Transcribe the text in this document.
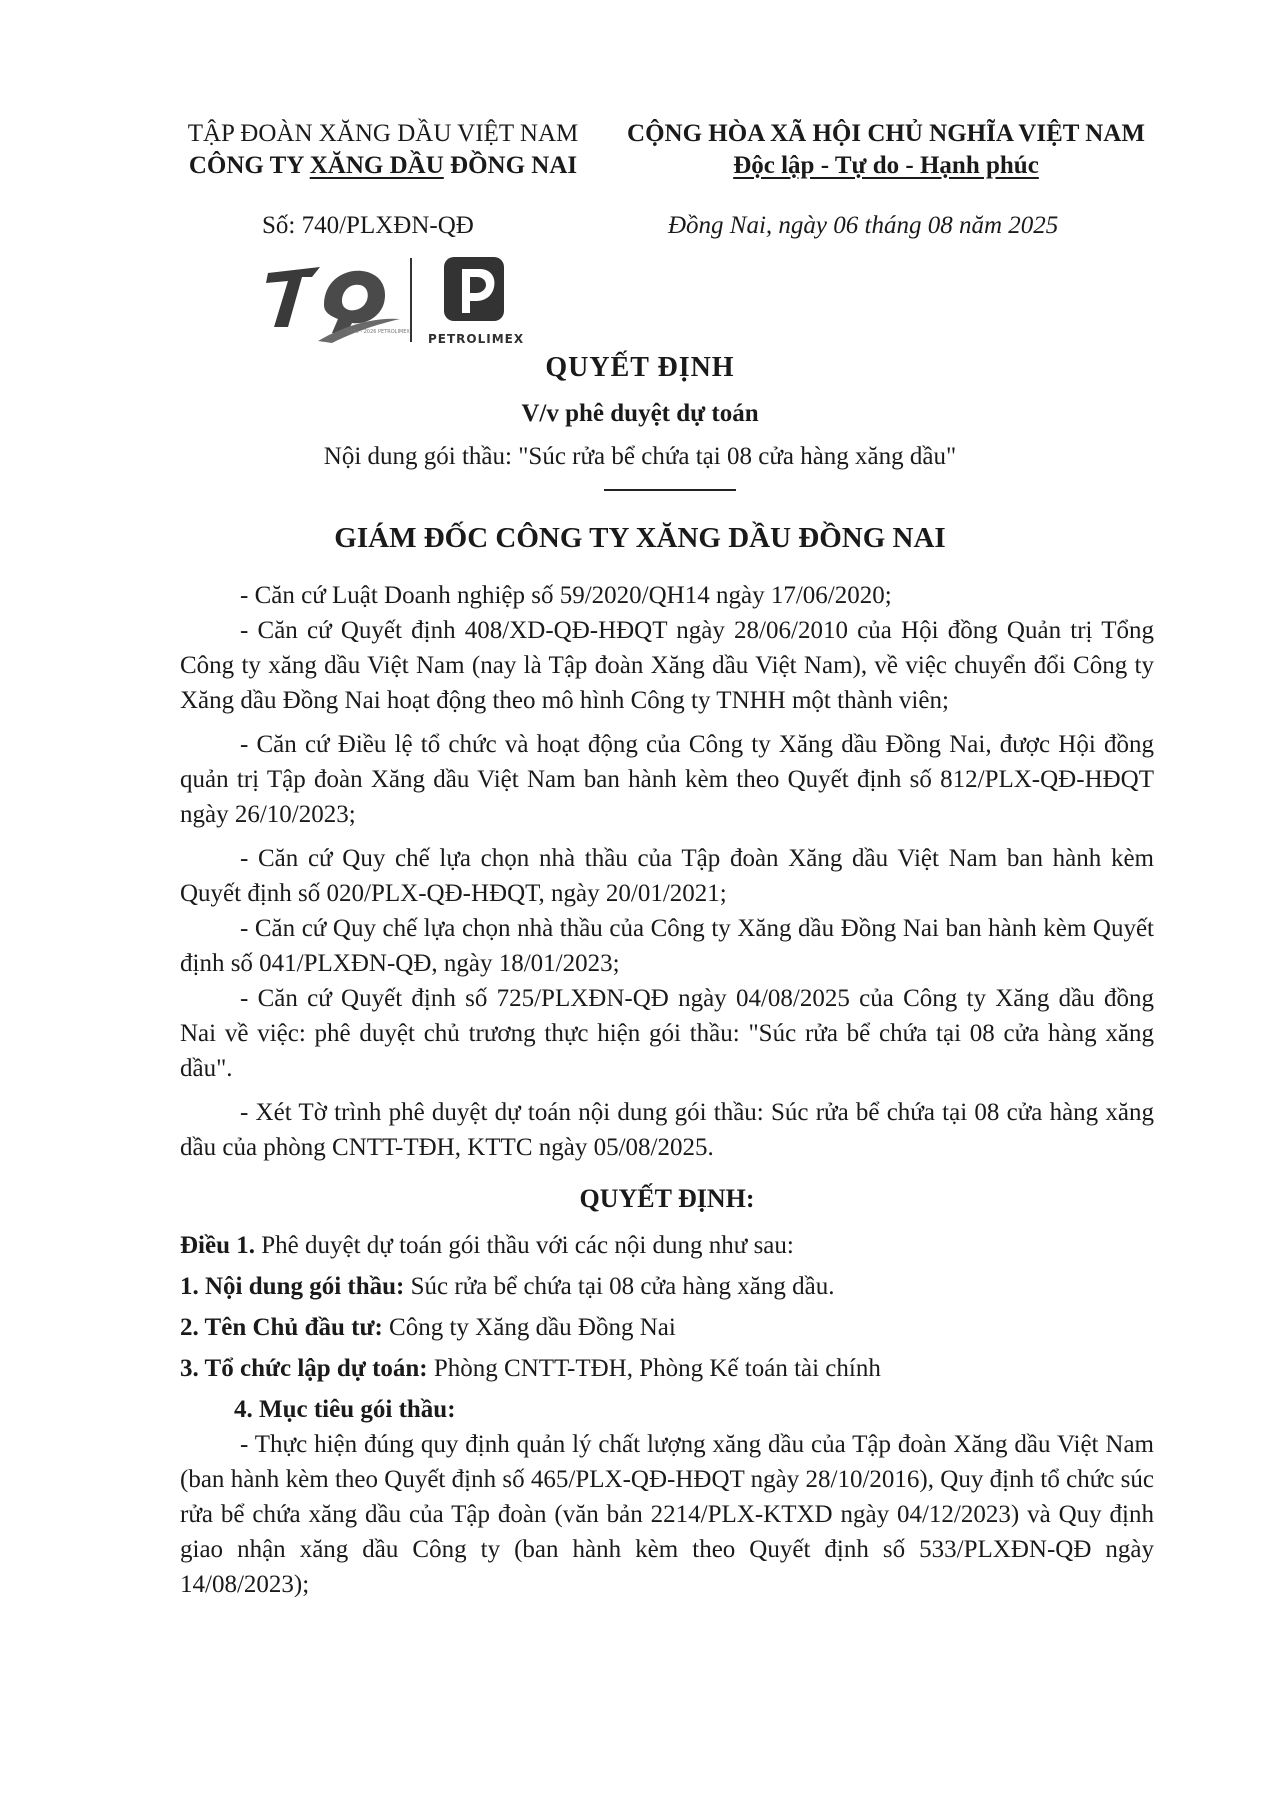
TẬP ĐOÀN XĂNG DẦU VIỆT NAM
CÔNG TY XĂNG DẦU ĐỒNG NAI
CỘNG HÒA XÃ HỘI CHỦ NGHĨA VIỆT NAM
Độc lập - Tự do - Hạnh phúc
Số: 740/PLXĐN-QĐ	Đồng Nai, ngày 06 tháng 08 năm 2025
1956 - 2026 PETROLIMEX PETROLIMEX
QUYẾT ĐỊNH
V/v phê duyệt dự toán
Nội dung gói thầu: "Súc rửa bể chứa tại 08 cửa hàng xăng dầu"
GIÁM ĐỐC CÔNG TY XĂNG DẦU ĐỒNG NAI

- Căn cứ Luật Doanh nghiệp số 59/2020/QH14 ngày 17/06/2020;

- Căn cứ Quyết định 408/XD-QĐ-HĐQT ngày 28/06/2010 của Hội đồng Quản trị Tổng Công ty xăng dầu Việt Nam (nay là Tập đoàn Xăng dầu Việt Nam), về việc chuyển đổi Công ty Xăng dầu Đồng Nai hoạt động theo mô hình Công ty TNHH một thành viên;

- Căn cứ Điều lệ tổ chức và hoạt động của Công ty Xăng dầu Đồng Nai, được Hội đồng quản trị Tập đoàn Xăng dầu Việt Nam ban hành kèm theo Quyết định số 812/PLX-QĐ-HĐQT ngày 26/10/2023;

- Căn cứ Quy chế lựa chọn nhà thầu của Tập đoàn Xăng dầu Việt Nam ban hành kèm Quyết định số 020/PLX-QĐ-HĐQT, ngày 20/01/2021;

- Căn cứ Quy chế lựa chọn nhà thầu của Công ty Xăng dầu Đồng Nai ban hành kèm Quyết định số 041/PLXĐN-QĐ, ngày 18/01/2023;

- Căn cứ Quyết định số 725/PLXĐN-QĐ ngày 04/08/2025 của Công ty Xăng dầu đồng Nai về việc: phê duyệt chủ trương thực hiện gói thầu: "Súc rửa bể chứa tại 08 cửa hàng xăng dầu".

- Xét Tờ trình phê duyệt dự toán nội dung gói thầu: Súc rửa bể chứa tại 08 cửa hàng xăng dầu của phòng CNTT-TĐH, KTTC ngày 05/08/2025.

QUYẾT ĐỊNH:

Điều 1. Phê duyệt dự toán gói thầu với các nội dung như sau:

1. Nội dung gói thầu: Súc rửa bể chứa tại 08 cửa hàng xăng dầu.

2. Tên Chủ đầu tư: Công ty Xăng dầu Đồng Nai

3. Tổ chức lập dự toán: Phòng CNTT-TĐH, Phòng Kế toán tài chính

4. Mục tiêu gói thầu:

- Thực hiện đúng quy định quản lý chất lượng xăng dầu của Tập đoàn Xăng dầu Việt Nam (ban hành kèm theo Quyết định số 465/PLX-QĐ-HĐQT ngày 28/10/2016), Quy định tổ chức súc rửa bể chứa xăng dầu của Tập đoàn (văn bản 2214/PLX-KTXD ngày 04/12/2023) và Quy định giao nhận xăng dầu Công ty (ban hành kèm theo Quyết định số 533/PLXĐN-QĐ ngày 14/08/2023);
